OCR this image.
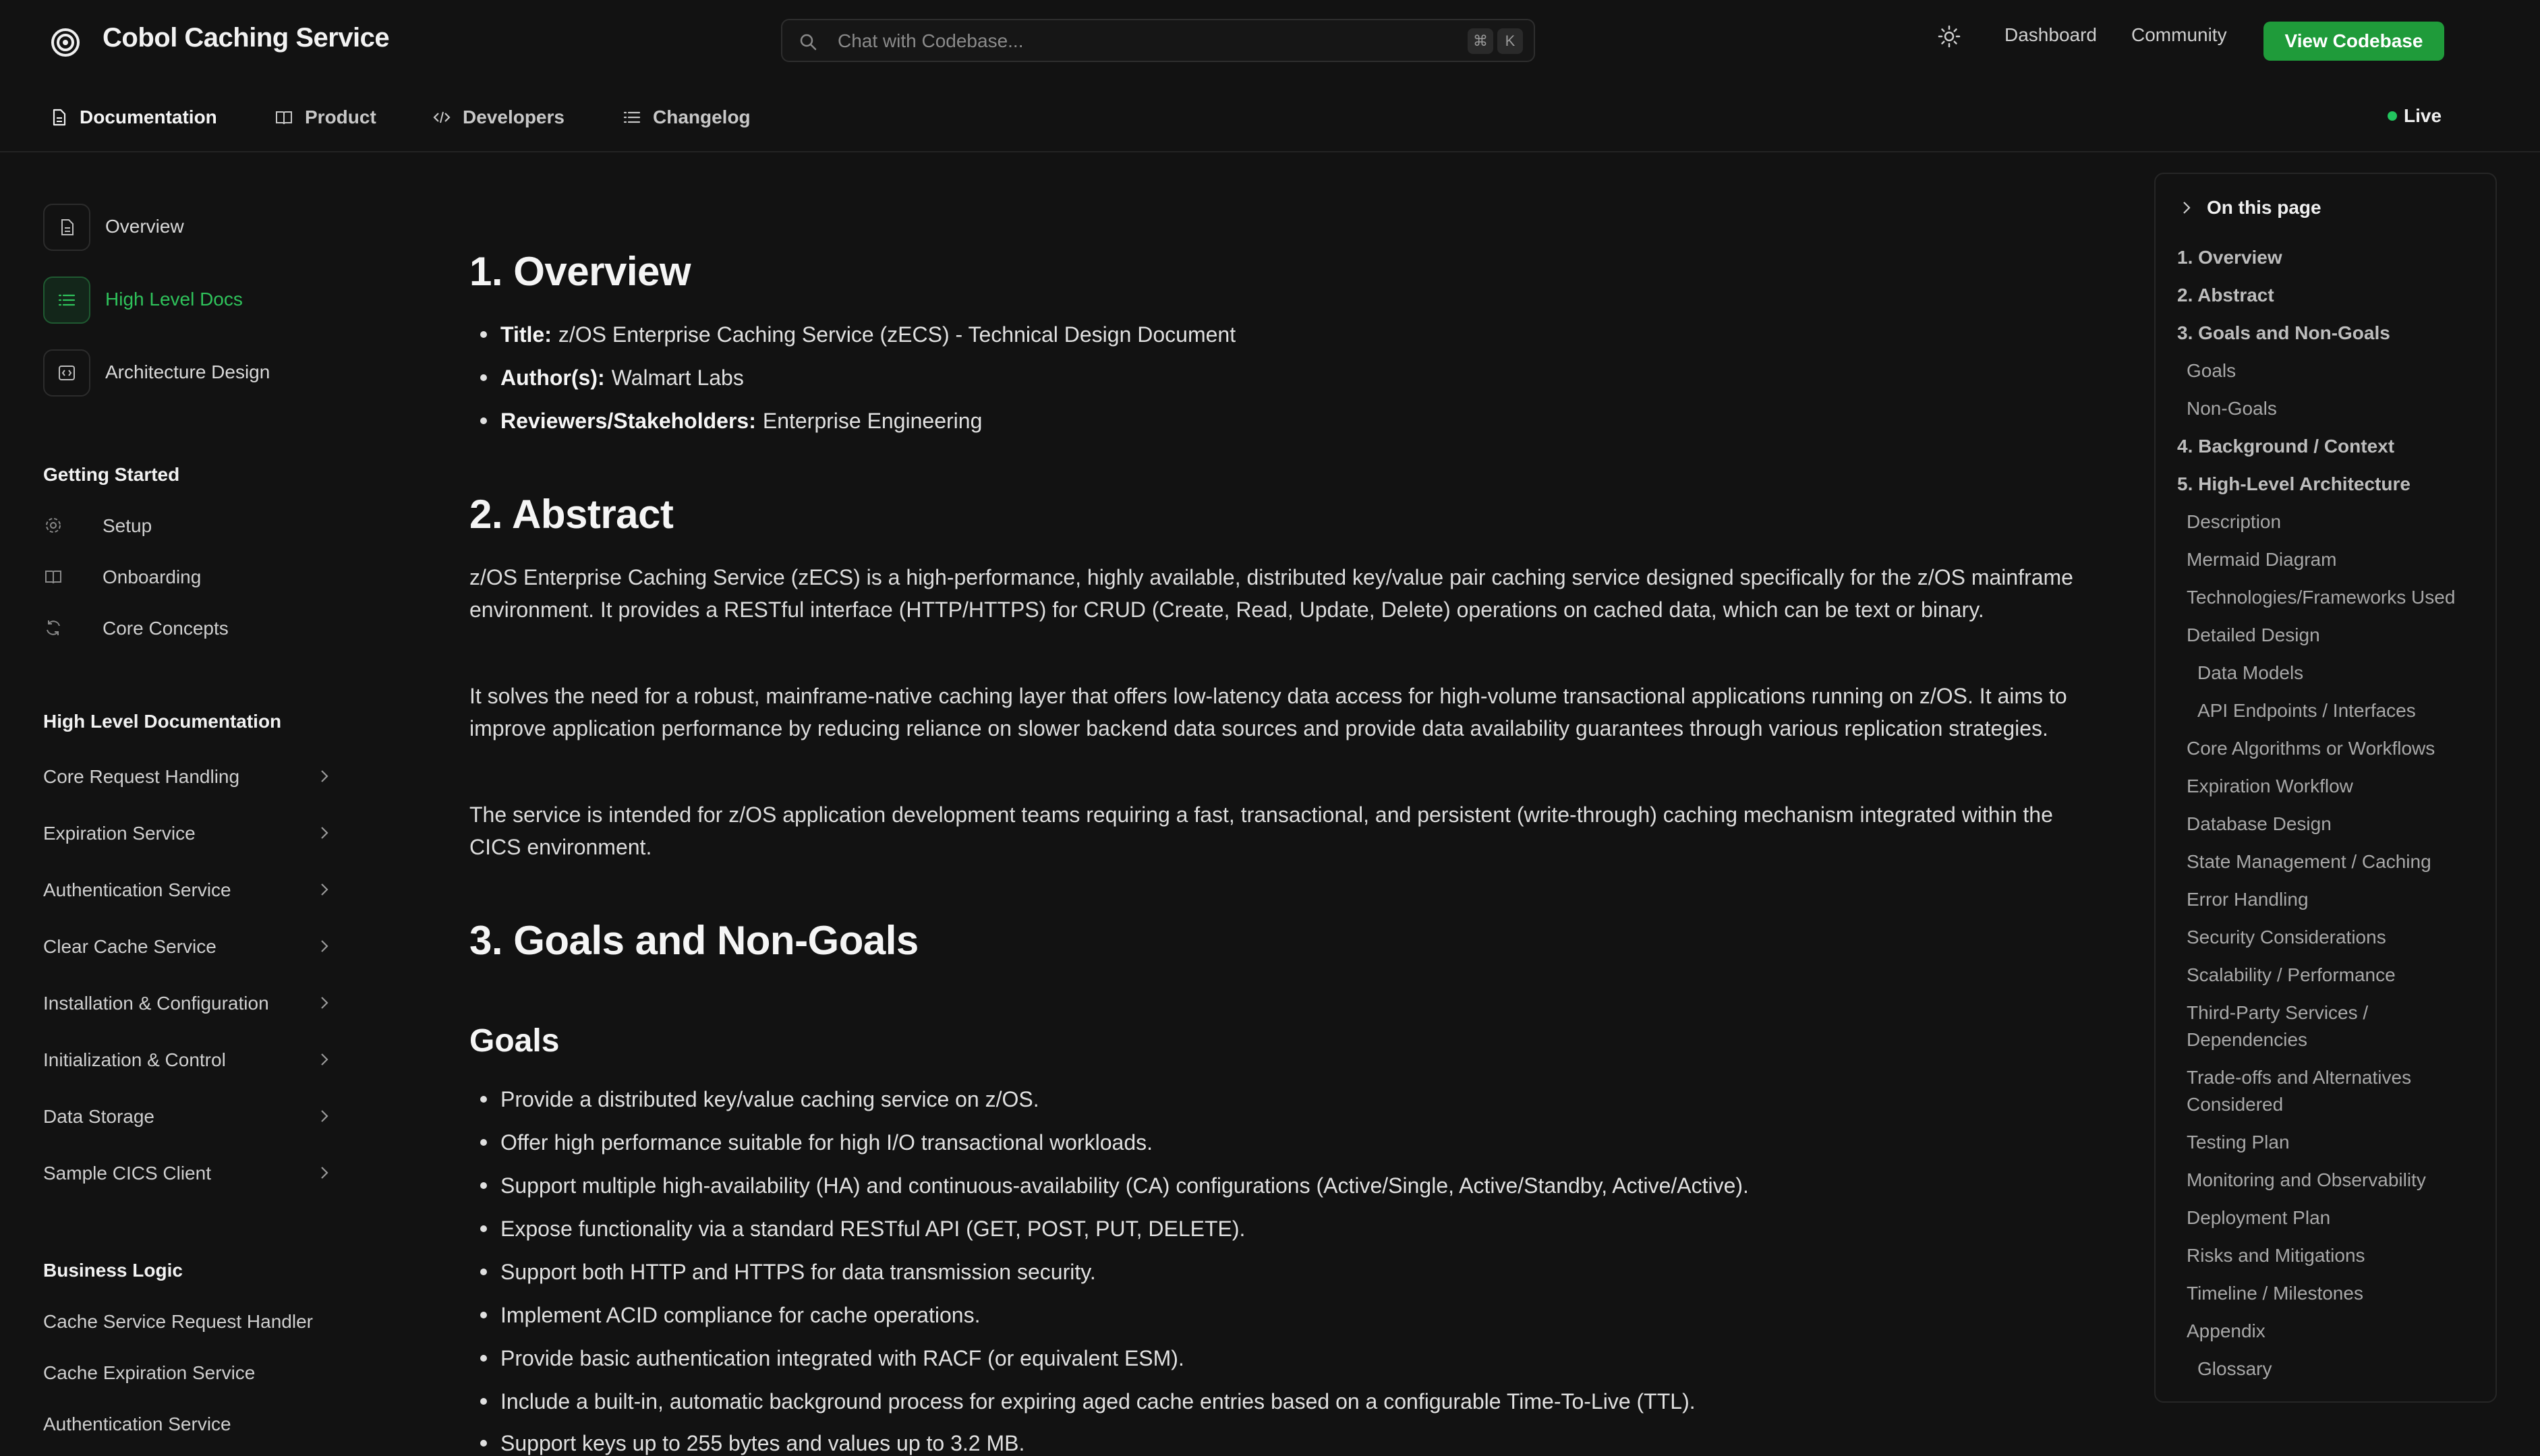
Cobol Caching Service
Chat with Codebase...	⌘	K	Dashboard Community	View Codebase
Documentation	Product	Developers	Changelog	Live
Overview
High Level Docs
Architecture Design
Getting Started
Setup
Onboarding
Core Concepts
High Level Documentation
Core Request Handling
Expiration Service
Authentication Service
Clear Cache Service
Installation & Configuration
Initialization & Control
Data Storage
Sample CICS Client
Business Logic
Cache Service Request Handler
Cache Expiration Service
Authentication Service
1. Overview
Title: z/OS Enterprise Caching Service (zECS) - Technical Design Document
Author(s): Walmart Labs
Reviewers/Stakeholders: Enterprise Engineering
2. Abstract
z/OS Enterprise Caching Service (zECS) is a high-performance, highly available, distributed key/value pair caching service designed specifically for the z/OS mainframe environment. It provides a RESTful interface (HTTP/HTTPS) for CRUD (Create, Read, Update, Delete) operations on cached data, which can be text or binary.
It solves the need for a robust, mainframe-native caching layer that offers low-latency data access for high-volume transactional applications running on z/OS. It aims to improve application performance by reducing reliance on slower backend data sources and provide data availability guarantees through various replication strategies.
The service is intended for z/OS application development teams requiring a fast, transactional, and persistent (write-through) caching mechanism integrated within the CICS environment.
3. Goals and Non-Goals
Goals
Provide a distributed key/value caching service on z/OS.
Offer high performance suitable for high I/O transactional workloads.
Support multiple high-availability (HA) and continuous-availability (CA) configurations (Active/Single, Active/Standby, Active/Active).
Expose functionality via a standard RESTful API (GET, POST, PUT, DELETE).
Support both HTTP and HTTPS for data transmission security.
Implement ACID compliance for cache operations.
Provide basic authentication integrated with RACF (or equivalent ESM).
Include a built-in, automatic background process for expiring aged cache entries based on a configurable Time-To-Live (TTL).
Support keys up to 255 bytes and values up to 3.2 MB.
On this page
1. Overview
2. Abstract
3. Goals and Non-Goals
Goals
Non-Goals
4. Background / Context
5. High-Level Architecture
Description
Mermaid Diagram
Technologies/Frameworks Used
Detailed Design
Data Models
API Endpoints / Interfaces
Core Algorithms or Workflows
Expiration Workflow
Database Design
State Management / Caching
Error Handling
Security Considerations
Scalability / Performance
Third-Party Services / Dependencies
Trade-offs and Alternatives Considered
Testing Plan
Monitoring and Observability
Deployment Plan
Risks and Mitigations
Timeline / Milestones
Appendix
Glossary
